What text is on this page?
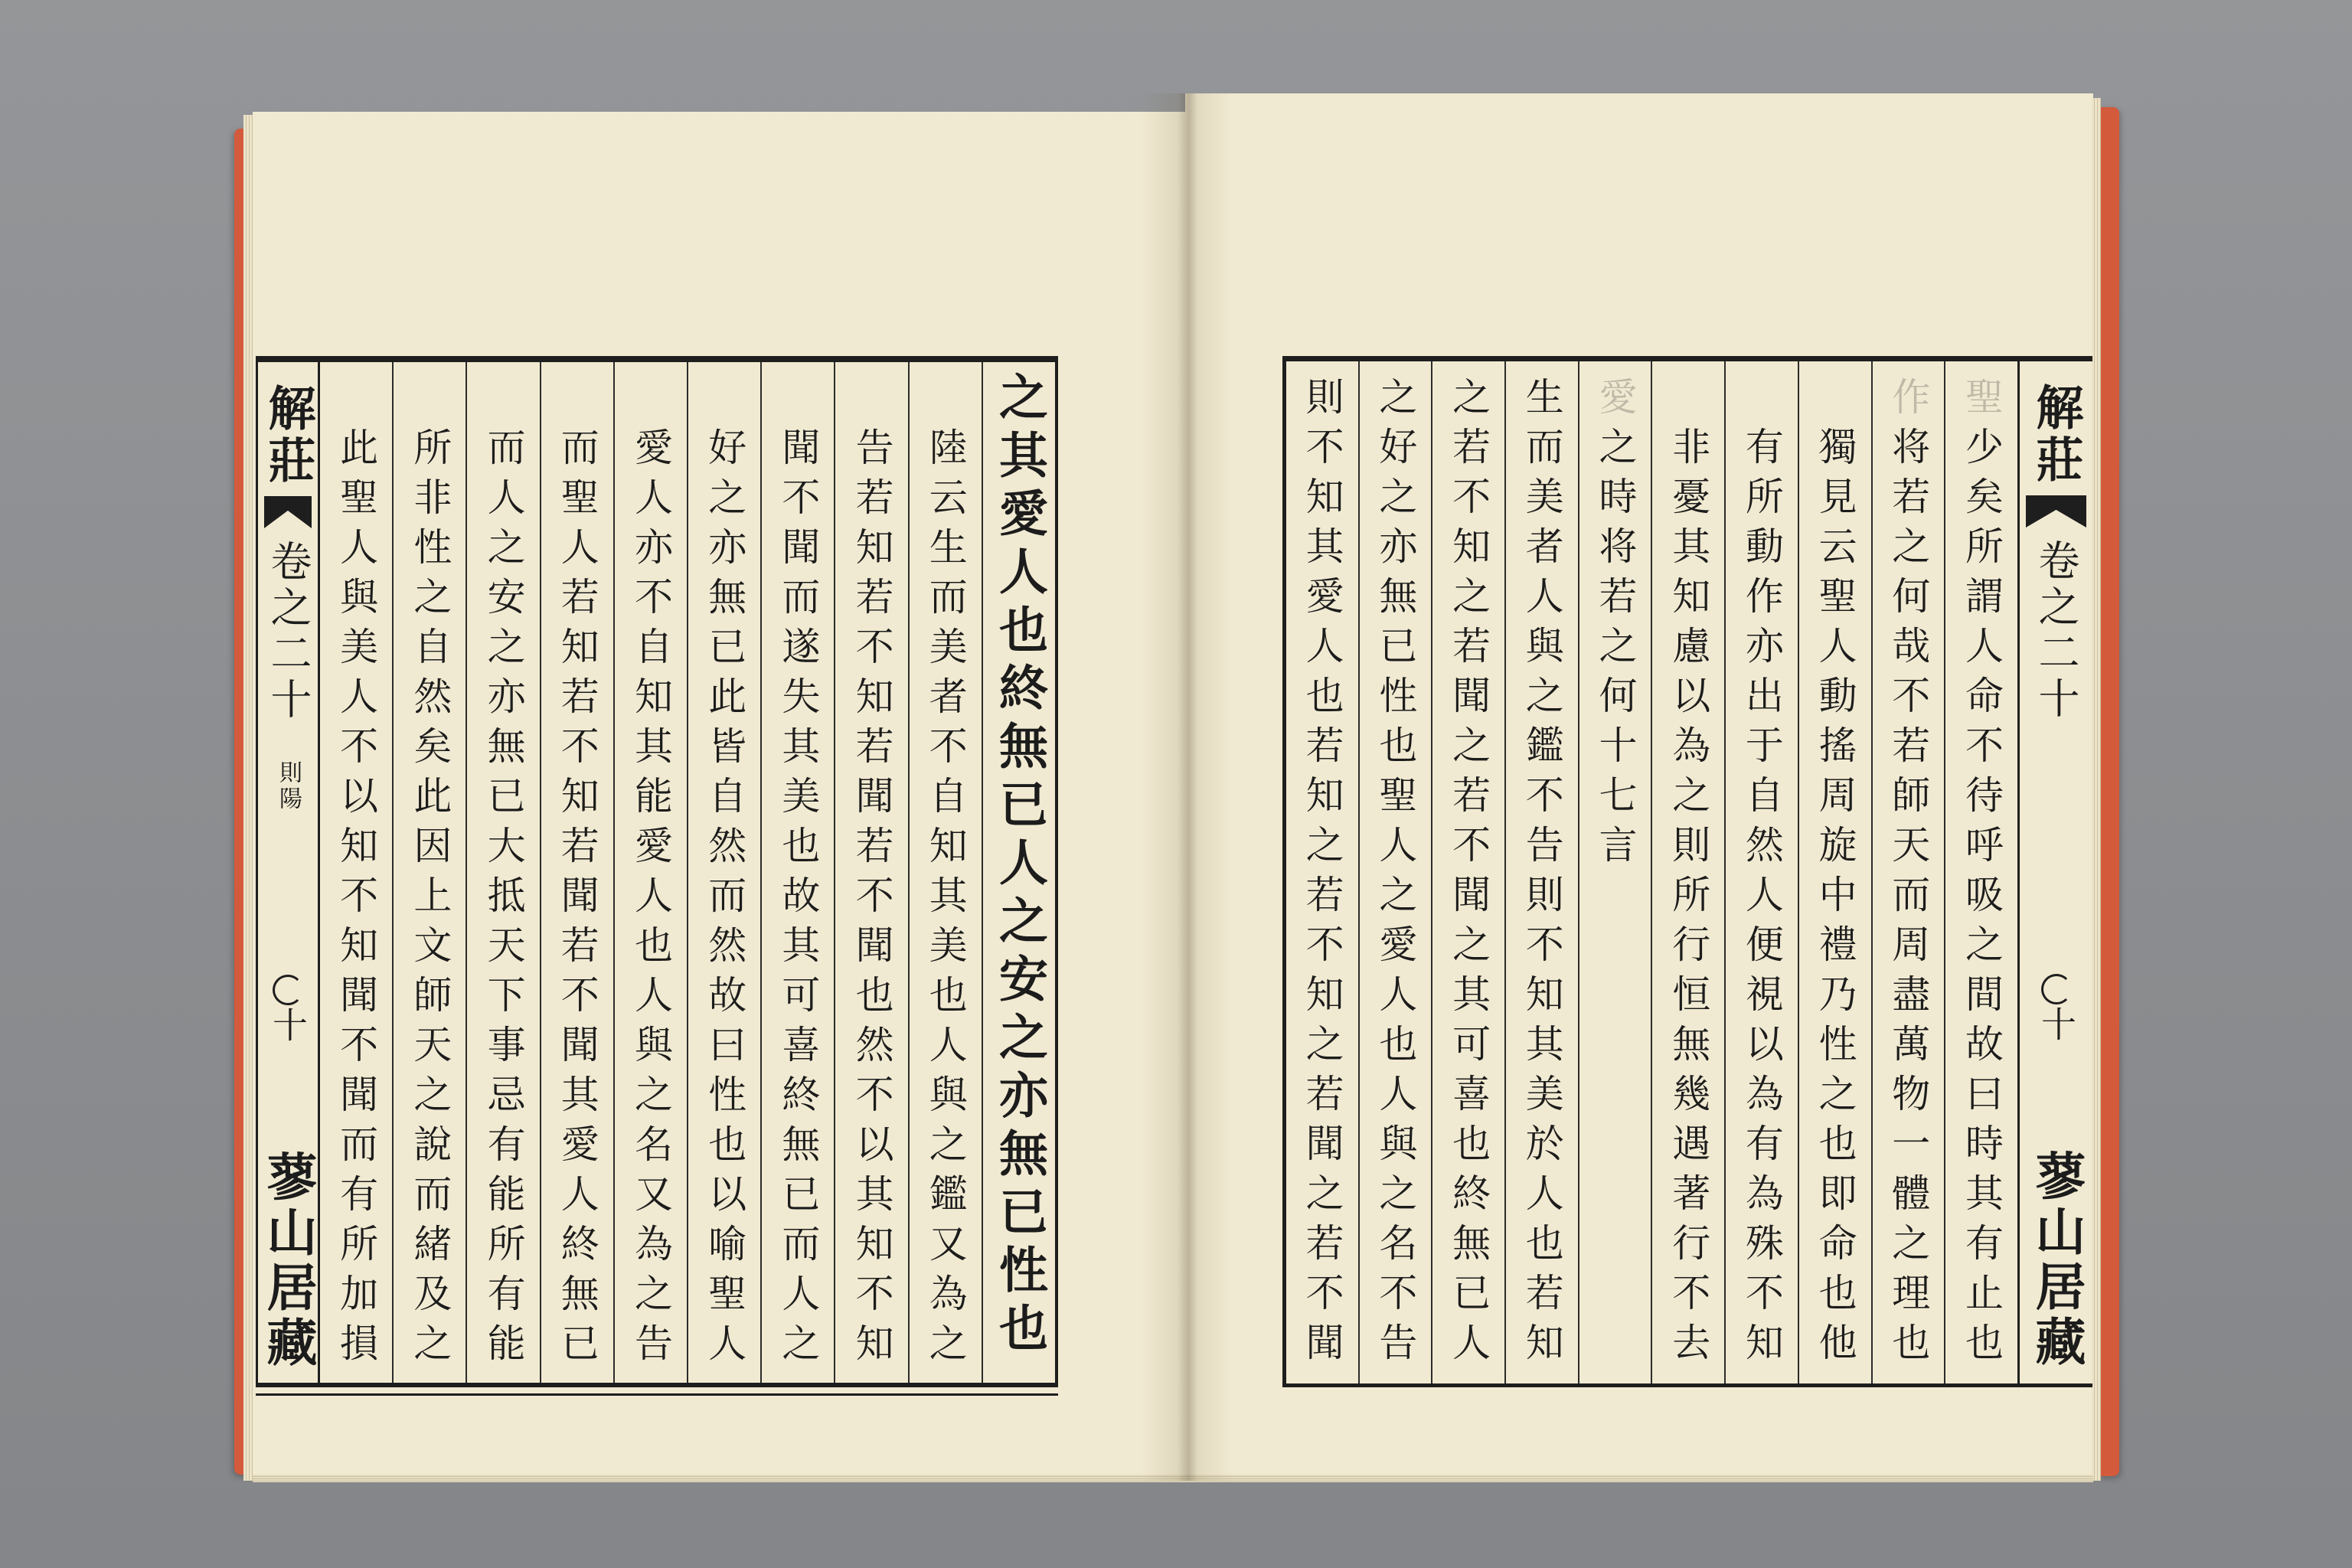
解莊
卷之二十
則陽
十
蓼山居藏	之其愛人也終無已人之安之亦無已性也
陸云生而美者不自知其美也人與之鑑又為之
告若知若不知若聞若不聞也然不以其知不知
聞不聞而遂失其美也故其可喜終無已而人之
好之亦無已此皆自然而然故曰性也以喻聖人
愛人亦不自知其能愛人也人與之名又為之告
而聖人若知若不知若聞若不聞其愛人終無已
而人之安之亦無已大抵天下事忌有能所有能
所非性之自然矣此因上文師天之說而緒及之
此聖人與美人不以知不知聞不聞而有所加損
聖
少矣所謂人命不待呼吸之間故曰時其有止也
作
将若之何哉不若師天而周盡萬物一體之理也
獨見云聖人動搖周旋中禮乃性之也即命也他
有所動作亦出于自然人便視以為有為殊不知
非憂其知慮以為之則所行恒無幾遇著行不去
愛
之時将若之何十七言
生而美者人與之鑑不告則不知其美於人也若知
之若不知之若聞之若不聞之其可喜也終無已人
之好之亦無已性也聖人之愛人也人與之名不告
則不知其愛人也若知之若不知之若聞之若不聞	解莊
卷之二十
十
蓼山居藏
